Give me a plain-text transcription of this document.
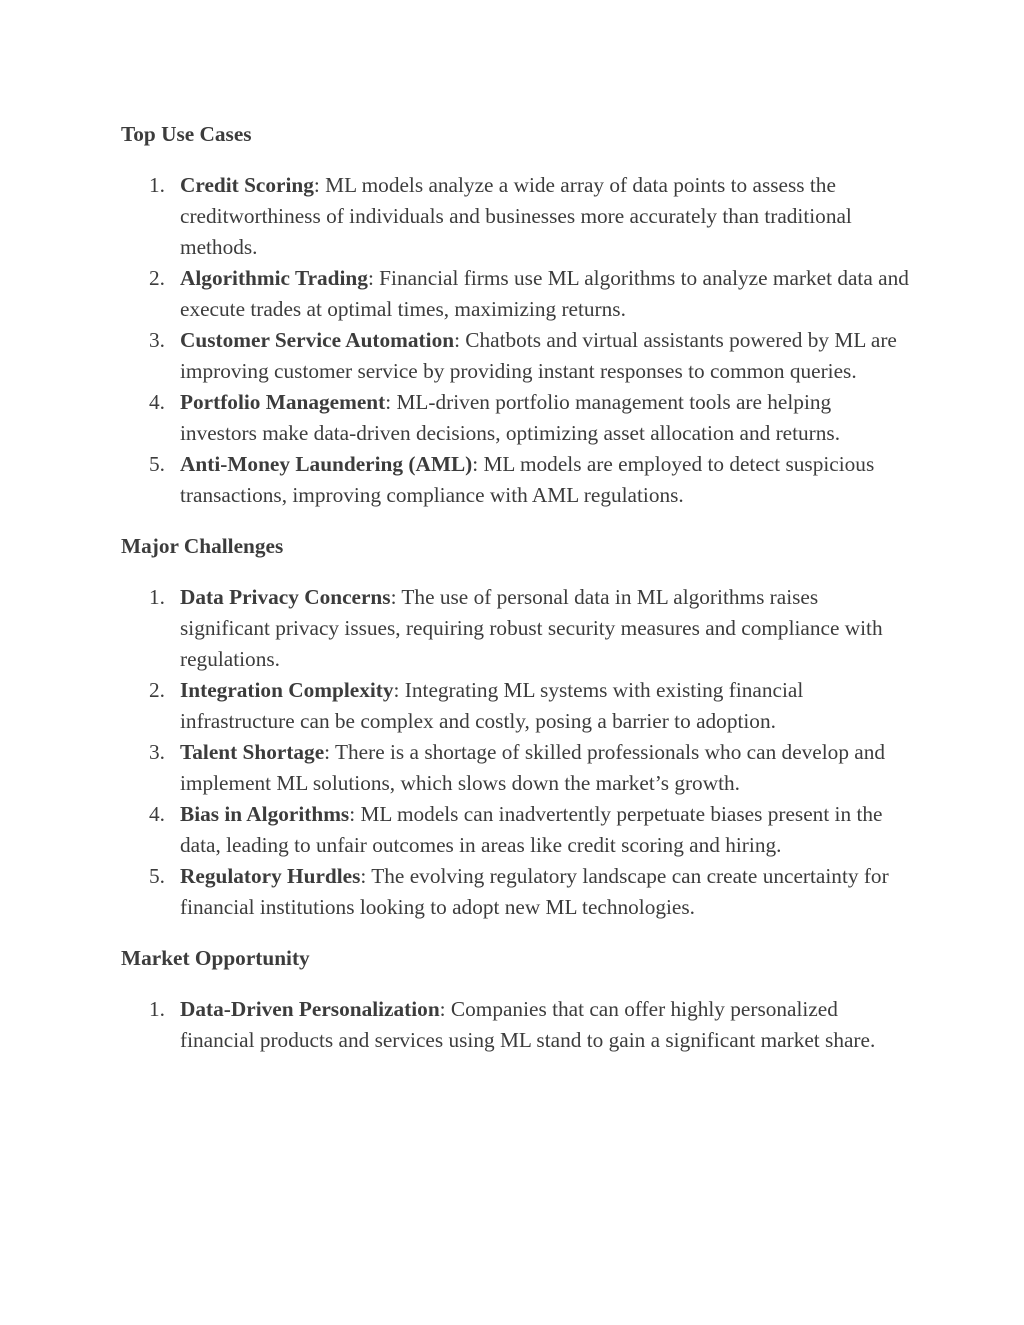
Top Use Cases
1. Credit Scoring: ML models analyze a wide array of data points to assess the creditworthiness of individuals and businesses more accurately than traditional methods.
2. Algorithmic Trading: Financial firms use ML algorithms to analyze market data and execute trades at optimal times, maximizing returns.
3. Customer Service Automation: Chatbots and virtual assistants powered by ML are improving customer service by providing instant responses to common queries.
4. Portfolio Management: ML-driven portfolio management tools are helping investors make data-driven decisions, optimizing asset allocation and returns.
5. Anti-Money Laundering (AML): ML models are employed to detect suspicious transactions, improving compliance with AML regulations.
Major Challenges
1. Data Privacy Concerns: The use of personal data in ML algorithms raises significant privacy issues, requiring robust security measures and compliance with regulations.
2. Integration Complexity: Integrating ML systems with existing financial infrastructure can be complex and costly, posing a barrier to adoption.
3. Talent Shortage: There is a shortage of skilled professionals who can develop and implement ML solutions, which slows down the market’s growth.
4. Bias in Algorithms: ML models can inadvertently perpetuate biases present in the data, leading to unfair outcomes in areas like credit scoring and hiring.
5. Regulatory Hurdles: The evolving regulatory landscape can create uncertainty for financial institutions looking to adopt new ML technologies.
Market Opportunity
1. Data-Driven Personalization: Companies that can offer highly personalized financial products and services using ML stand to gain a significant market share.
